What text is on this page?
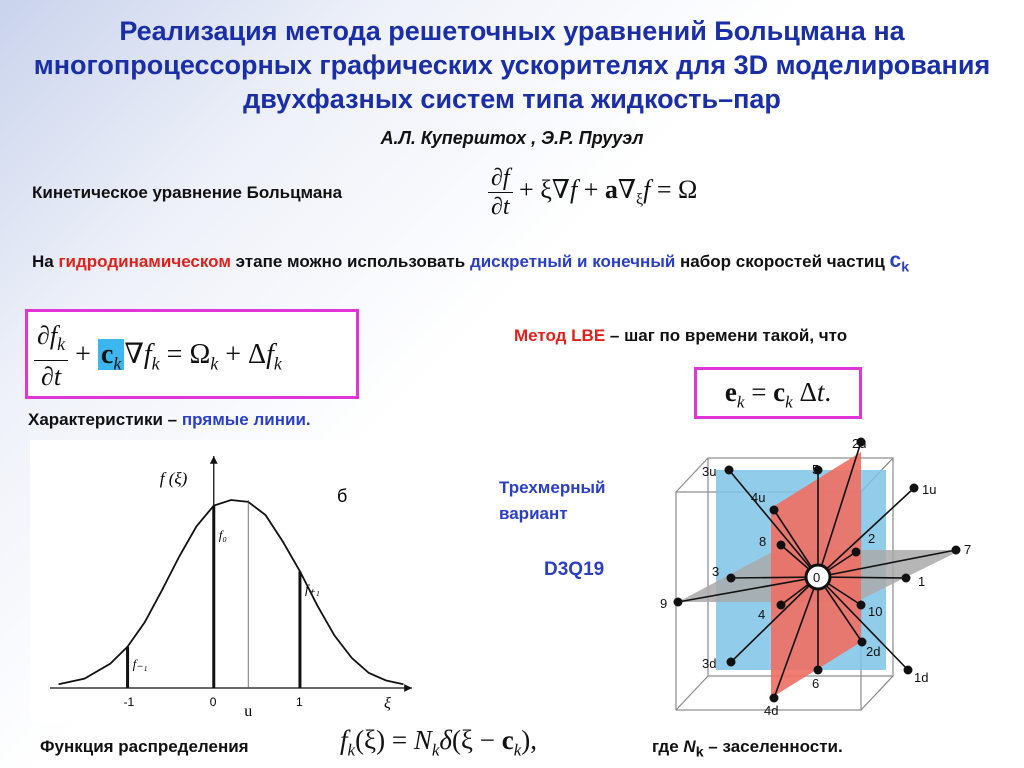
Реализация метода решеточных уравнений Больцмана на многопроцессорных графических ускорителях для 3D моделирования двухфазных систем типа жидкость–пар
А.Л. Куперштох , Э.Р. Прууэл
Кинетическое уравнение Больцмана	$\frac{\partial f}{\partial t} + \xi\nabla f + a\nabla_\xi f = \Omega$
На гидродинамическом этапе можно использовать дискретный и конечный набор скоростей частиц $c_k$
$\frac{\partial f_k}{\partial t} + c_k$ $\nabla f_k = \Omega_k + \Delta f_k$
Метод LBE – шаг по времени такой, что
$e_k = c_k$ Δt.
Характеристики – прямые линии.
f (ξ)
ξ
б
f₋₁
f₀
f₊₁
-1	0
u
1
Трехмерный вариант
D3Q19
2u
3u	5
1u
4u
8	2
7
3	0	1
9
4	10
3d
2d
6	1d
4d
Функция распределения	$f_k(\xi) = N_k\delta(\xi - c_k)$,	где $N_k$ – заселенности.
